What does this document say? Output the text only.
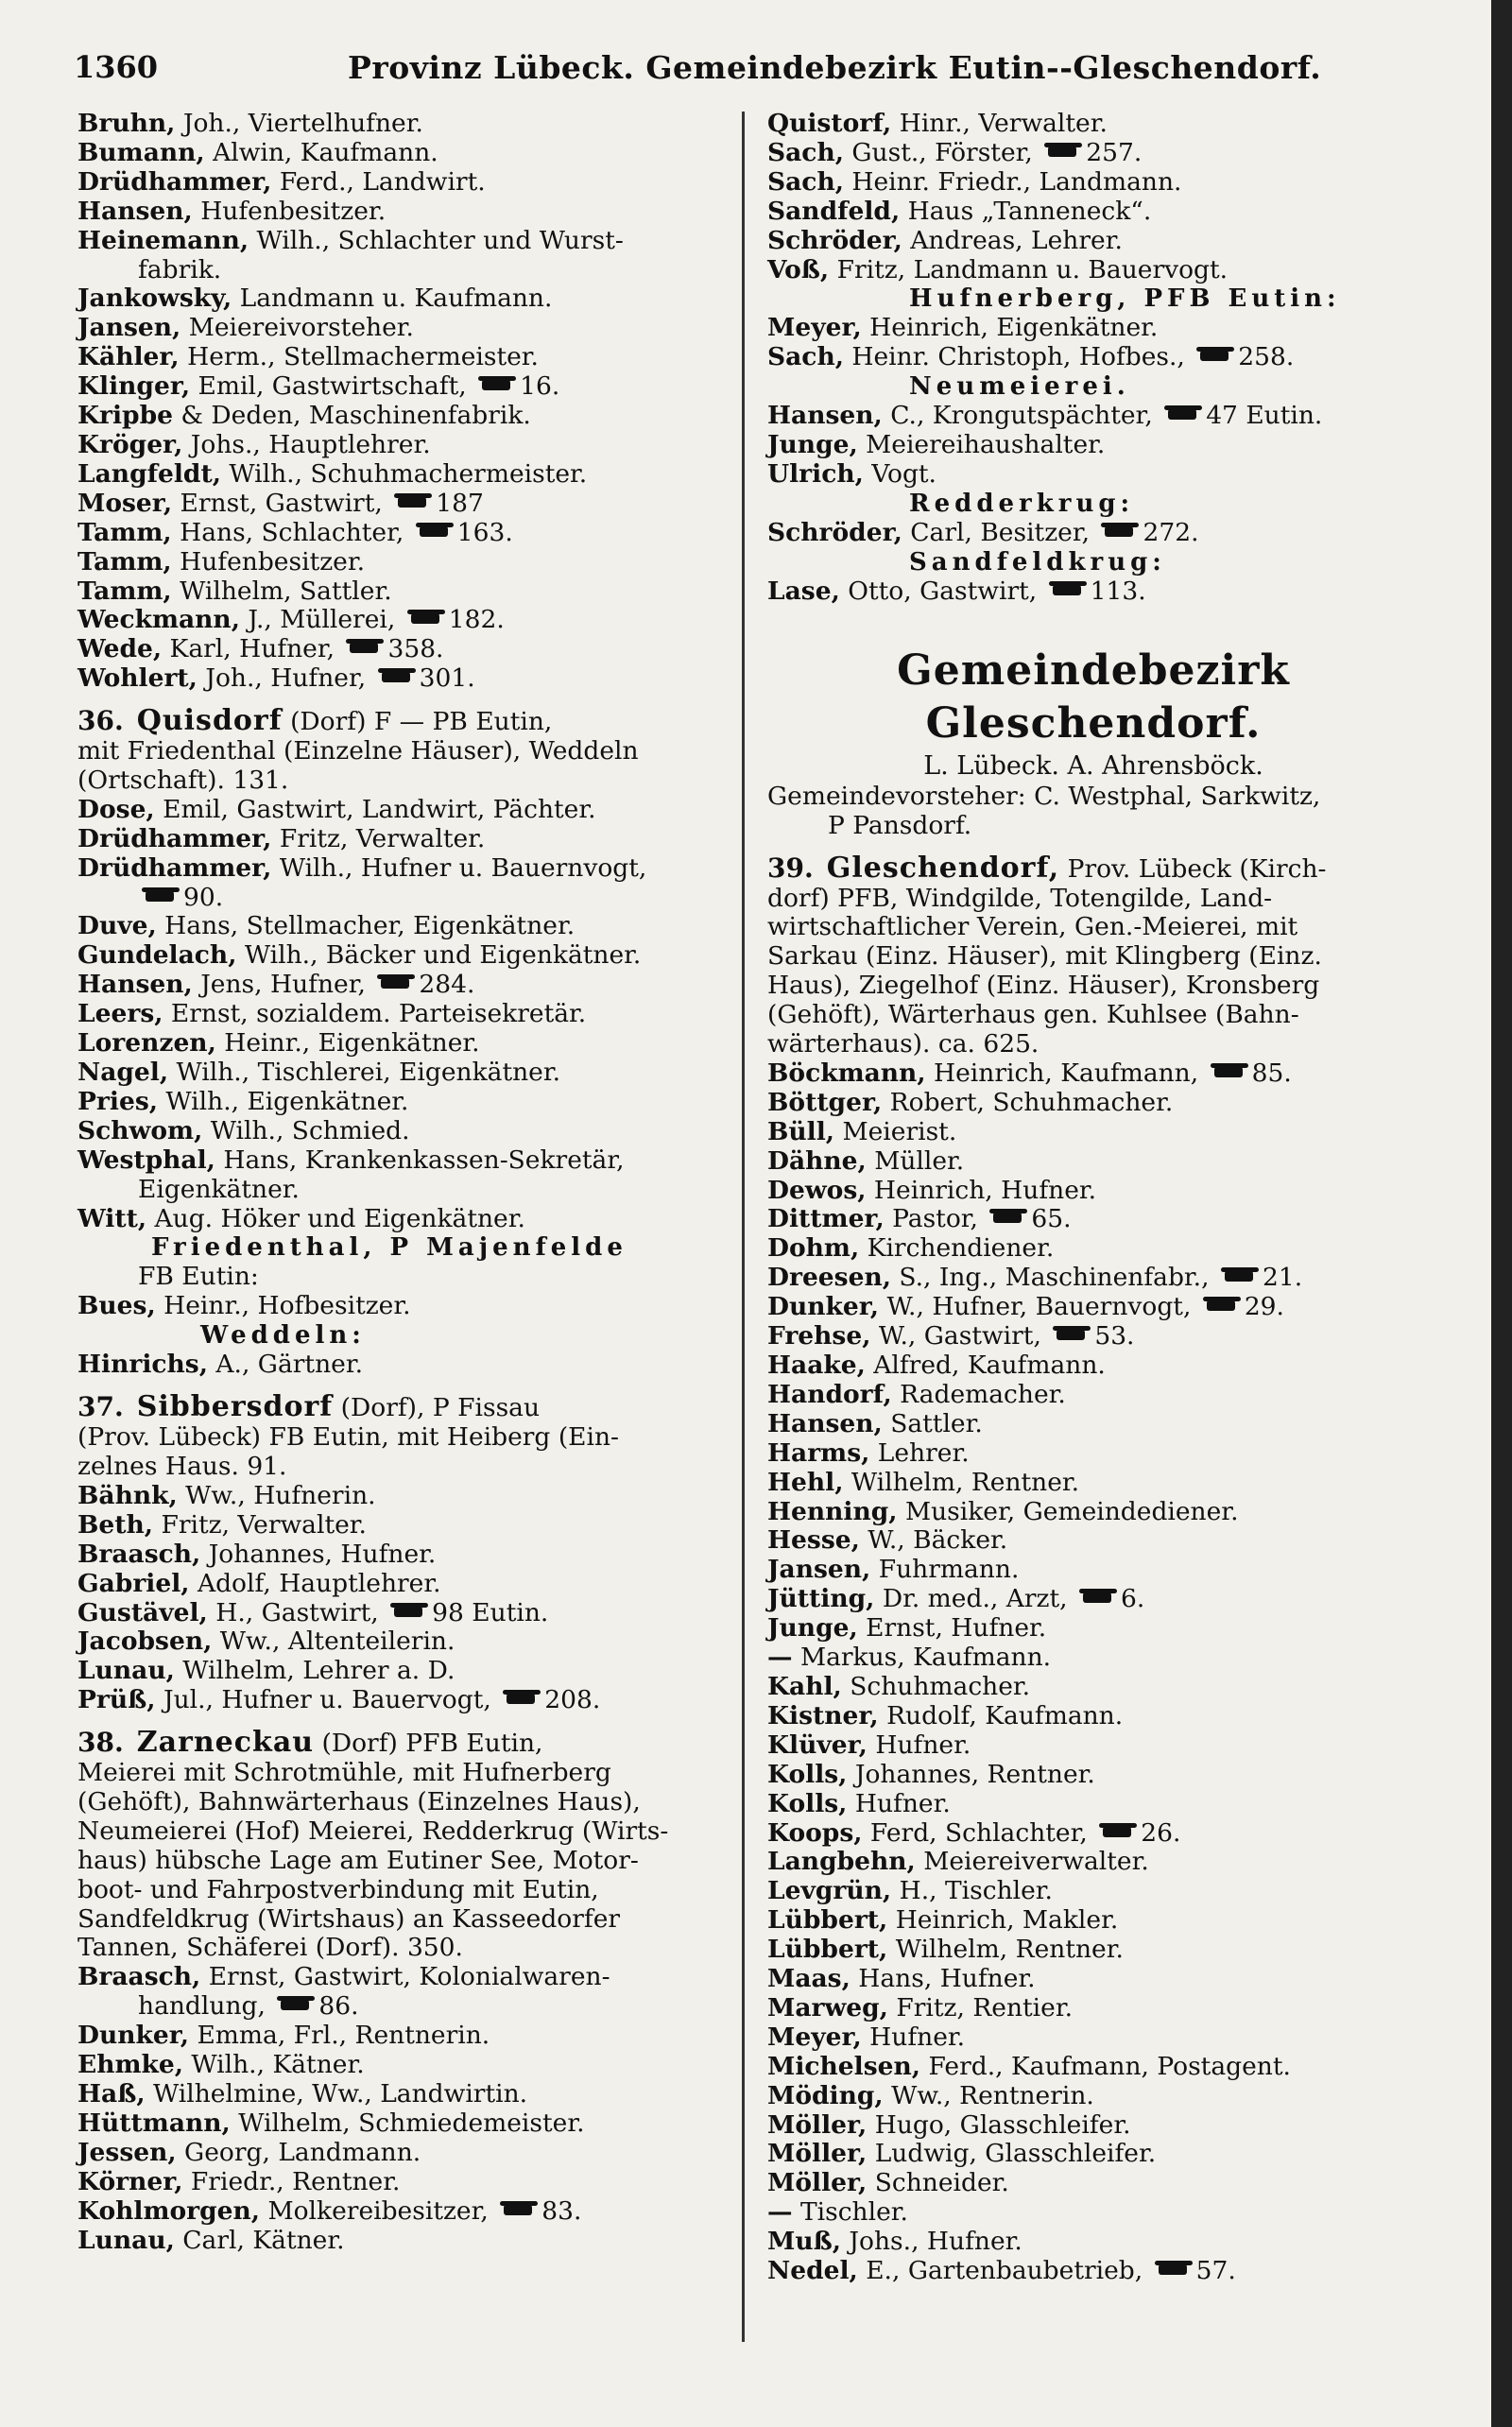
1360	Provinz Lübeck. Gemeindebezirk Eutin--Gleschendorf.
Bruhn, Joh., Viertelhufner.
Bumann, Alwin, Kaufmann.
Drüdhammer, Ferd., Landwirt.
Hansen, Hufenbesitzer.
Heinemann, Wilh., Schlachter und Wurst-
fabrik.
Jankowsky, Landmann u. Kaufmann.
Jansen, Meiereivorsteher.
Kähler, Herm., Stellmachermeister.
Klinger, Emil, Gastwirtschaft, 16.
Kripbe & Deden, Maschinenfabrik.
Kröger, Johs., Hauptlehrer.
Langfeldt, Wilh., Schuhmachermeister.
Moser, Ernst, Gastwirt, 187
Tamm, Hans, Schlachter, 163.
Tamm, Hufenbesitzer.
Tamm, Wilhelm, Sattler.
Weckmann, J., Müllerei, 182.
Wede, Karl, Hufner, 358.
Wohlert, Joh., Hufner, 301.
36. Quisdorf (Dorf) F — PB Eutin,
mit Friedenthal (Einzelne Häuser), Weddeln
(Ortschaft). 131.
Dose, Emil, Gastwirt, Landwirt, Pächter.
Drüdhammer, Fritz, Verwalter.
Drüdhammer, Wilh., Hufner u. Bauernvogt,
90.
Duve, Hans, Stellmacher, Eigenkätner.
Gundelach, Wilh., Bäcker und Eigenkätner.
Hansen, Jens, Hufner, 284.
Leers, Ernst, sozialdem. Parteisekretär.
Lorenzen, Heinr., Eigenkätner.
Nagel, Wilh., Tischlerei, Eigenkätner.
Pries, Wilh., Eigenkätner.
Schwom, Wilh., Schmied.
Westphal, Hans, Krankenkassen-Sekretär,
Eigenkätner.
Witt, Aug. Höker und Eigenkätner.
Friedenthal, P Majenfelde
FB Eutin:
Bues, Heinr., Hofbesitzer.
Weddeln:
Hinrichs, A., Gärtner.
37. Sibbersdorf (Dorf), P Fissau
(Prov. Lübeck) FB Eutin, mit Heiberg (Ein-
zelnes Haus. 91.
Bähnk, Ww., Hufnerin.
Beth, Fritz, Verwalter.
Braasch, Johannes, Hufner.
Gabriel, Adolf, Hauptlehrer.
Gustävel, H., Gastwirt, 98 Eutin.
Jacobsen, Ww., Altenteilerin.
Lunau, Wilhelm, Lehrer a. D.
Prüß, Jul., Hufner u. Bauervogt, 208.
38. Zarneckau (Dorf) PFB Eutin,
Meierei mit Schrotmühle, mit Hufnerberg
(Gehöft), Bahnwärterhaus (Einzelnes Haus),
Neumeierei (Hof) Meierei, Redderkrug (Wirts-
haus) hübsche Lage am Eutiner See, Motor-
boot- und Fahrpostverbindung mit Eutin,
Sandfeldkrug (Wirtshaus) an Kasseedorfer
Tannen, Schäferei (Dorf). 350.
Braasch, Ernst, Gastwirt, Kolonialwaren-
handlung, 86.
Dunker, Emma, Frl., Rentnerin.
Ehmke, Wilh., Kätner.
Haß, Wilhelmine, Ww., Landwirtin.
Hüttmann, Wilhelm, Schmiedemeister.
Jessen, Georg, Landmann.
Körner, Friedr., Rentner.
Kohlmorgen, Molkereibesitzer, 83.
Lunau, Carl, Kätner.
Quistorf, Hinr., Verwalter.
Sach, Gust., Förster, 257.
Sach, Heinr. Friedr., Landmann.
Sandfeld, Haus „Tanneneck“.
Schröder, Andreas, Lehrer.
Voß, Fritz, Landmann u. Bauervogt.
Hufnerberg, PFB Eutin:
Meyer, Heinrich, Eigenkätner.
Sach, Heinr. Christoph, Hofbes., 258.
Neumeierei.
Hansen, C., Krongutspächter, 47 Eutin.
Junge, Meiereihaushalter.
Ulrich, Vogt.
Redderkrug:
Schröder, Carl, Besitzer, 272.
Sandfeldkrug:
Lase, Otto, Gastwirt, 113.
Gemeindebezirk Gleschendorf.
L. Lübeck. A. Ahrensböck.
Gemeindevorsteher: C. Westphal, Sarkwitz,
P Pansdorf.
39. Gleschendorf, Prov. Lübeck (Kirch-
dorf) PFB, Windgilde, Totengilde, Land-
wirtschaftlicher Verein, Gen.-Meierei, mit
Sarkau (Einz. Häuser), mit Klingberg (Einz.
Haus), Ziegelhof (Einz. Häuser), Kronsberg
(Gehöft), Wärterhaus gen. Kuhlsee (Bahn-
wärterhaus). ca. 625.
Böckmann, Heinrich, Kaufmann, 85.
Böttger, Robert, Schuhmacher.
Büll, Meierist.
Dähne, Müller.
Dewos, Heinrich, Hufner.
Dittmer, Pastor, 65.
Dohm, Kirchendiener.
Dreesen, S., Ing., Maschinenfabr., 21.
Dunker, W., Hufner, Bauernvogt, 29.
Frehse, W., Gastwirt, 53.
Haake, Alfred, Kaufmann.
Handorf, Rademacher.
Hansen, Sattler.
Harms, Lehrer.
Hehl, Wilhelm, Rentner.
Henning, Musiker, Gemeindediener.
Hesse, W., Bäcker.
Jansen, Fuhrmann.
Jütting, Dr. med., Arzt, 6.
Junge, Ernst, Hufner.
— Markus, Kaufmann.
Kahl, Schuhmacher.
Kistner, Rudolf, Kaufmann.
Klüver, Hufner.
Kolls, Johannes, Rentner.
Kolls, Hufner.
Koops, Ferd, Schlachter, 26.
Langbehn, Meiereiverwalter.
Levgrün, H., Tischler.
Lübbert, Heinrich, Makler.
Lübbert, Wilhelm, Rentner.
Maas, Hans, Hufner.
Marweg, Fritz, Rentier.
Meyer, Hufner.
Michelsen, Ferd., Kaufmann, Postagent.
Möding, Ww., Rentnerin.
Möller, Hugo, Glasschleifer.
Möller, Ludwig, Glasschleifer.
Möller, Schneider.
— Tischler.
Muß, Johs., Hufner.
Nedel, E., Gartenbaubetrieb, 57.
